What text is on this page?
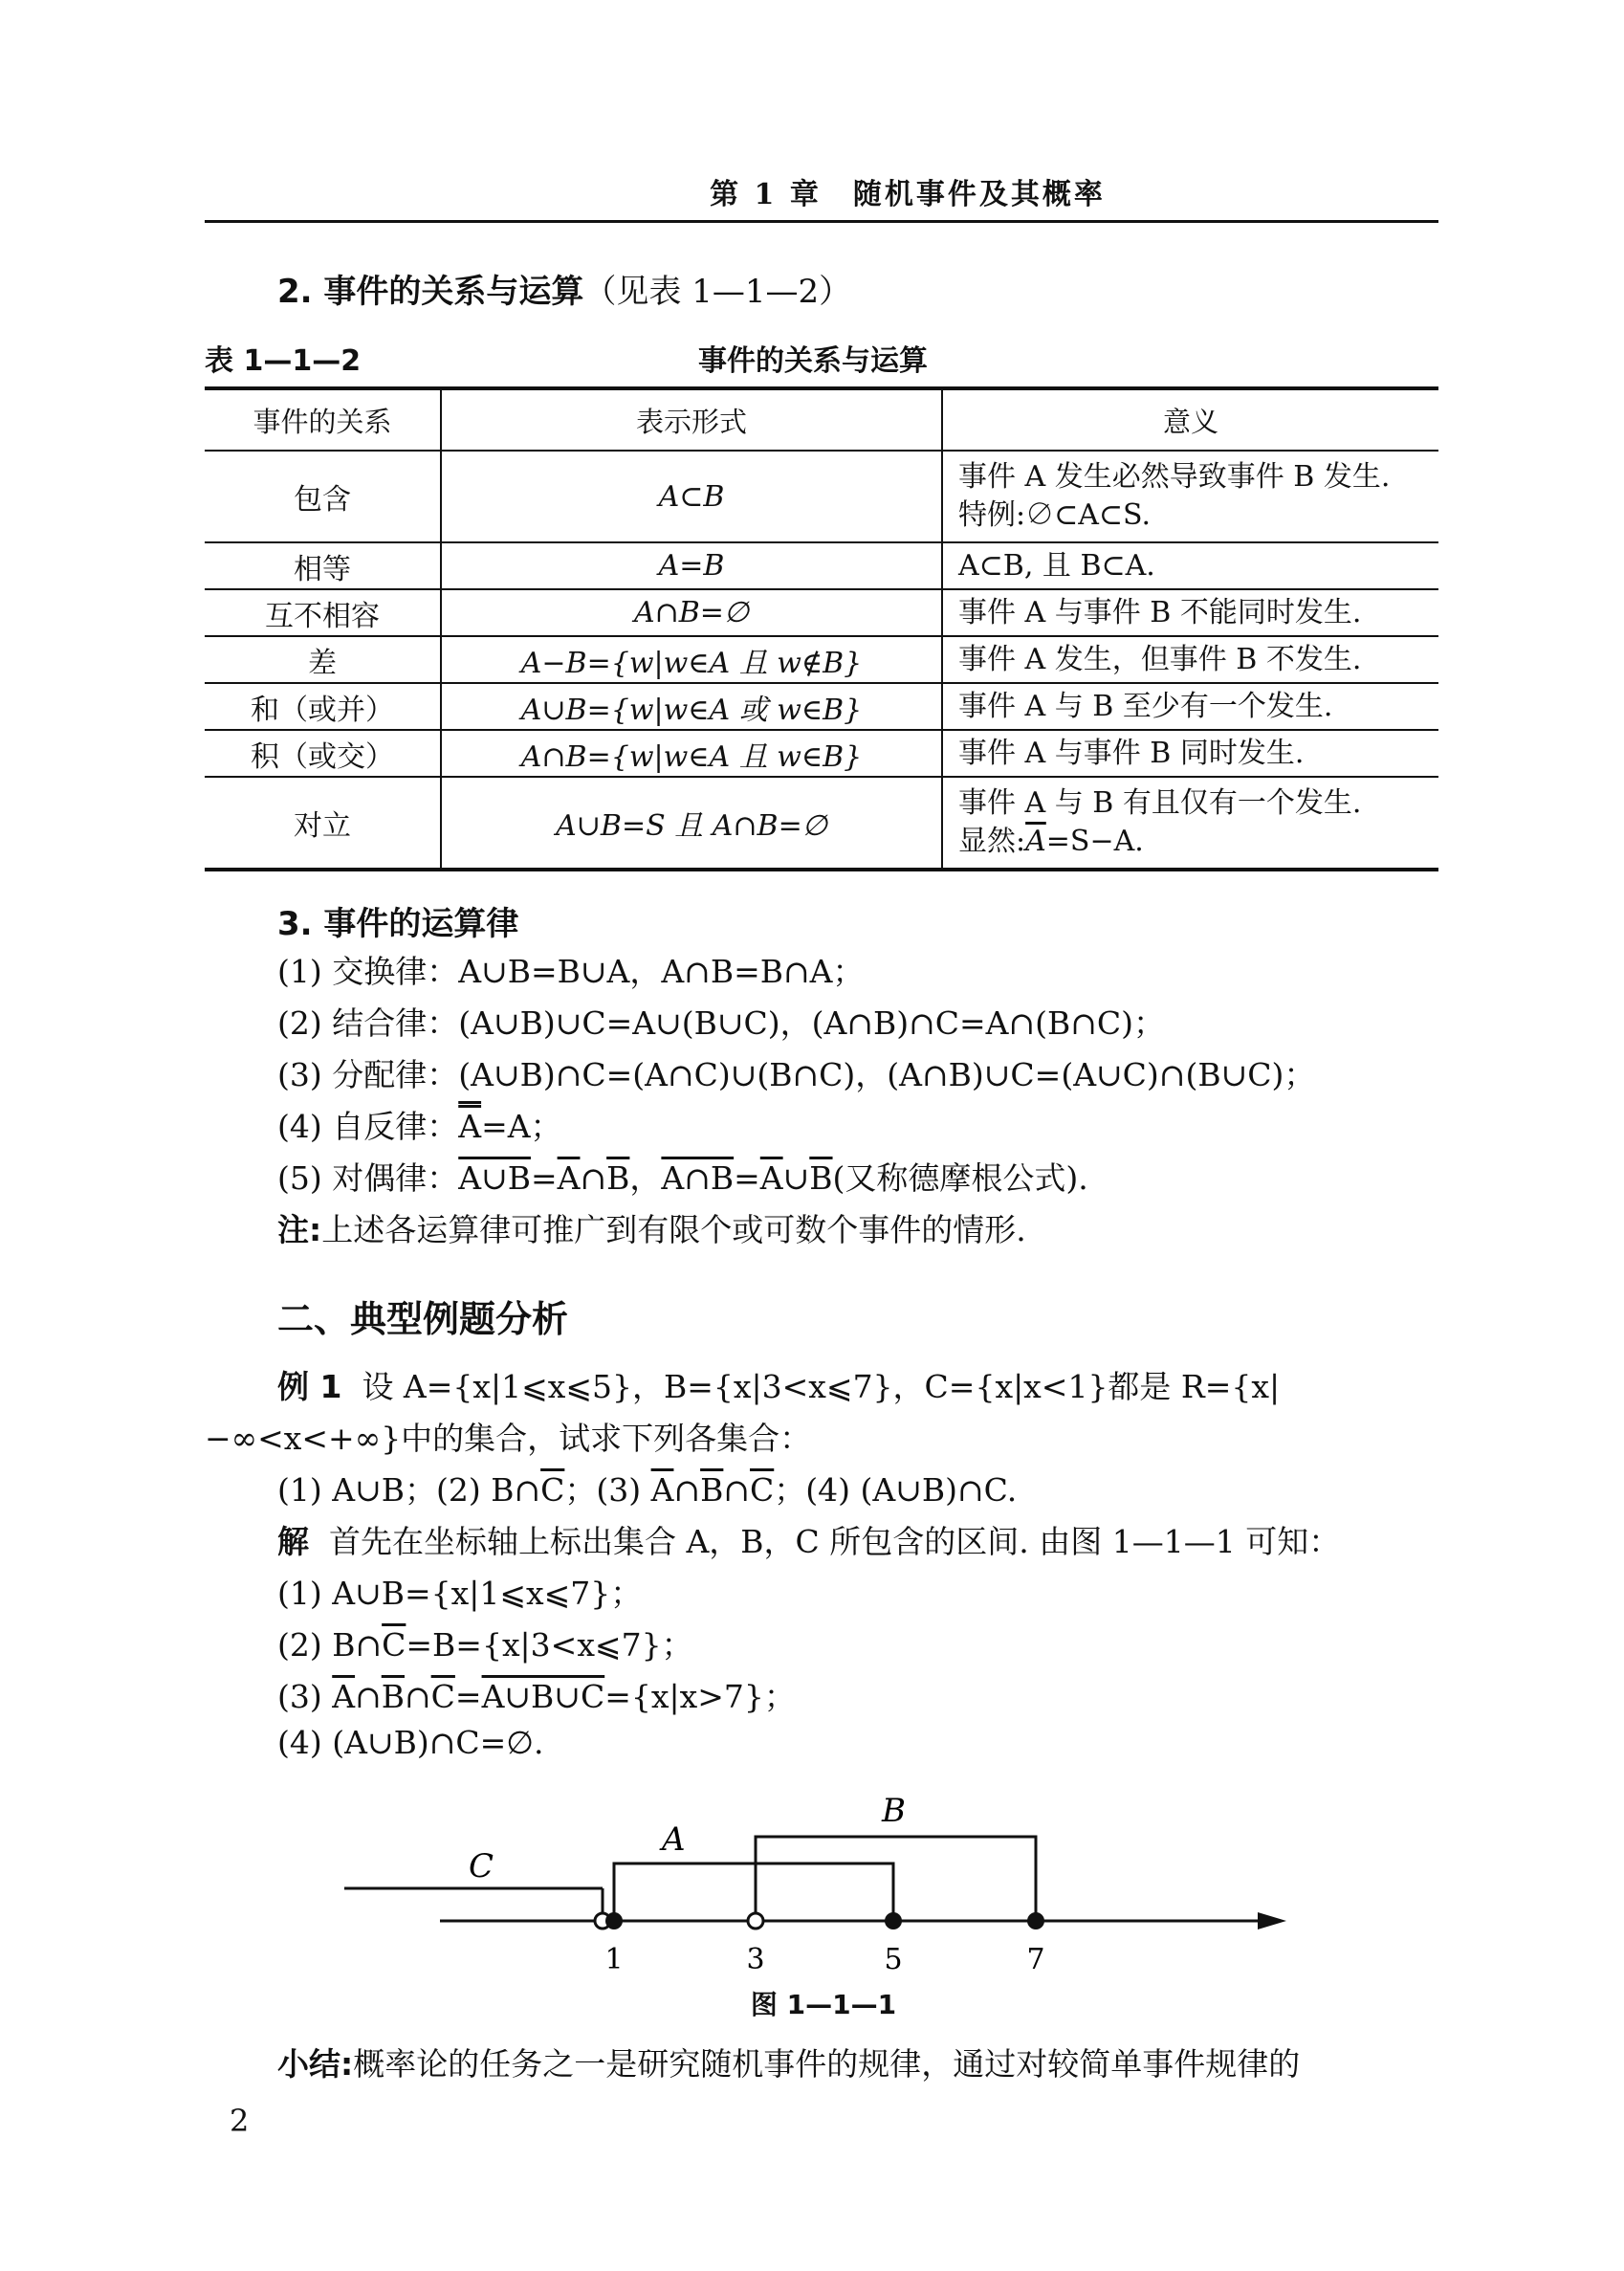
第 1 章　随机事件及其概率
2. 事件的关系与运算（见表 1—1—2）
表 1—1—2	事件的关系与运算
事件的关系	表示形式	意义
包含	A⊂B	事件 A 发生必然导致事件 B 发生.
特例:∅⊂A⊂S.

相等	A=B	A⊂B, 且 B⊂A.
互不相容	A∩B=∅	事件 A 与事件 B 不能同时发生.
差	A−B={w|w∈A 且 w∉B}	事件 A 发生，但事件 B 不发生.
和（或并）	A∪B={w|w∈A 或 w∈B}	事件 A 与 B 至少有一个发生.
积（或交）	A∩B={w|w∈A 且 w∈B}	事件 A 与事件 B 同时发生.
对立	A∪B=S 且 A∩B=∅	事件 A 与 B 有且仅有一个发生.
显然$:\overline{A}=S-A$.
3. 事件的运算律
(1) 交换律：A∪B=B∪A，A∩B=B∩A；
(2) 结合律：(A∪B)∪C=A∪(B∪C)，(A∩B)∩C=A∩(B∩C)；
(3) 分配律：(A∪B)∩C=(A∩C)∪(B∩C)，(A∩B)∪C=(A∪C)∩(B∪C)；
(4) 自反律：A=A；
(5) 对偶律：$A\cup B=\overline{A}\cap\overline{B}$，$A\cap B=\overline{A}\cup\overline{B}$(又称德摩根公式).
注:上述各运算律可推广到有限个或可数个事件的情形.
二、典型例题分析
例 1 设 A={x|1⩽x⩽5}，B={x|3<x⩽7}，C={x|x<1}都是 R={x|
−∞<x<+∞}中的集合，试求下列各集合：
(1) A∪B；(2) $B\cap\overline{C}$；(3) $\overline{A}\cap\overline{B}\cap\overline{C}$；(4) (A∪B)∩C.
解 首先在坐标轴上标出集合 A，B，C 所包含的区间. 由图 1—1—1 可知：
(1) A∪B={x|1⩽x⩽7}；
(2) $B\cap\overline{C}=B=\{x|3<x⩽7\}$；
(3) $\overline{A}\cap\overline{B}\cap\overline{C}=A\cup B\cup C=\{x|x>7\}$；
(4) (A∪B)∩C=∅.
C
A
B
1	3	5	7
图 1—1—1
小结:概率论的任务之一是研究随机事件的规律，通过对较简单事件规律的
2
